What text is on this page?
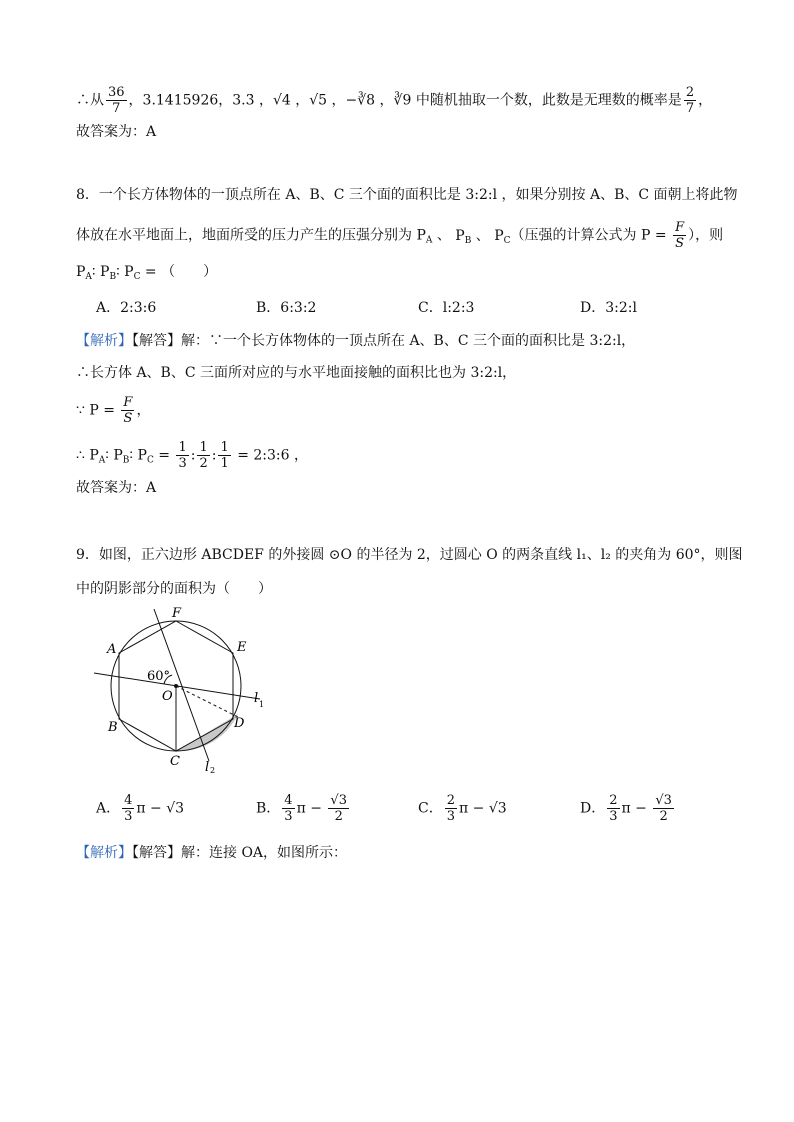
∴从 $\frac{36}{7}$ ，3.1415926，3.3̇ ，√4 ，√5 ，−∛8 ，∛9 中随机抽取一个数，此数是无理数的概率是 $\frac{2}{7}$ ，
故答案为：A
8．一个长方体物体的一顶点所在 A、B、C 三个面的面积比是 3:2:l ，如果分别按 A、B、C 面朝上将此物
体放在水平地面上，地面所受的压力产生的压强分别为 $P_A$ 、 $P_B$ 、 $P_C$（压强的计算公式为 $P = \frac{F}{S}$ ），则
$P_A∶$ $P_B∶$ $P_C$ = （　　）
A．2:3:6	B．6:3:2	C．l:2:3	D．3:2:l
【解析】【解答】解：∵一个长方体物体的一顶点所在 A、B、C 三个面的面积比是 3:2:l，
∴长方体 A、B、C 三面所对应的与水平地面接触的面积比也为 3:2:l，
∵ $P = \frac{F}{S}$ ，
∴ $P_A∶$ $P_B∶$ $P_C = \frac{1}{3}$ : $\frac{1}{2}$ : $\frac{1}{1}$ = 2:3:6 ，
故答案为：A
9．如图，正六边形 ABCDEF 的外接圆 ⊙O 的半径为 2，过圆心 O 的两条直线 l₁、l₂ 的夹角为 60°，则图
中的阴影部分的面积为（　　）
F
E
A
B
C
D
O
60°
l 1
l 2
A． $\frac{4}{3}$ π − √3	B． $\frac{4}{3}$ $\pi - \frac{√3}{2}$	C． $\frac{2}{3}$ π − √3	D． $\frac{2}{3}$ $\pi - \frac{√3}{2}$
【解析】【解答】解：连接 OA，如图所示：
